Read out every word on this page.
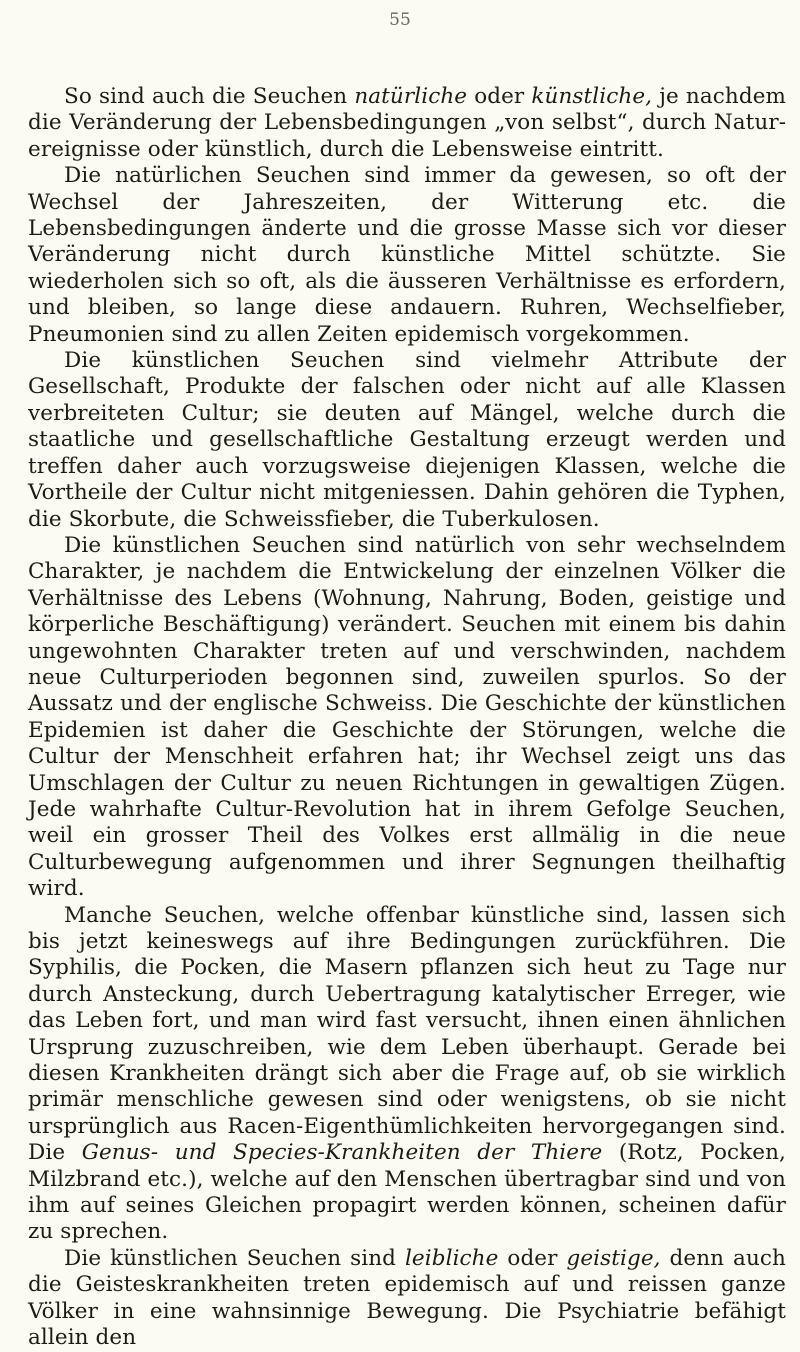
55

So sind auch die Seuchen natürliche oder künstliche, je nachdem die Veränderung der Lebensbedingungen „von selbst“, durch Naturereignisse oder künstlich, durch die Lebensweise eintritt.

Die natürlichen Seuchen sind immer da gewesen, so oft der Wechsel der Jahreszeiten, der Witterung etc. die Lebensbedingungen änderte und die grosse Masse sich vor dieser Veränderung nicht durch künstliche Mittel schützte. Sie wiederholen sich so oft, als die äusseren Verhältnisse es erfordern, und bleiben, so lange diese andauern. Ruhren, Wechselfieber, Pneumonien sind zu allen Zeiten epidemisch vorgekommen.

Die künstlichen Seuchen sind vielmehr Attribute der Gesellschaft, Produkte der falschen oder nicht auf alle Klassen verbreiteten Cultur; sie deuten auf Mängel, welche durch die staatliche und gesellschaftliche Gestaltung erzeugt werden und treffen daher auch vorzugsweise diejenigen Klassen, welche die Vortheile der Cultur nicht mitgeniessen. Dahin gehören die Typhen, die Skorbute, die Schweissfieber, die Tuberkulosen.

Die künstlichen Seuchen sind natürlich von sehr wechselndem Charakter, je nachdem die Entwickelung der einzelnen Völker die Verhältnisse des Lebens (Wohnung, Nahrung, Boden, geistige und körperliche Beschäftigung) verändert. Seuchen mit einem bis dahin ungewohnten Charakter treten auf und verschwinden, nachdem neue Culturperioden begonnen sind, zuweilen spurlos. So der Aussatz und der englische Schweiss. Die Geschichte der künstlichen Epidemien ist daher die Geschichte der Störungen, welche die Cultur der Menschheit erfahren hat; ihr Wechsel zeigt uns das Umschlagen der Cultur zu neuen Richtungen in gewaltigen Zügen. Jede wahrhafte Cultur-Revolution hat in ihrem Gefolge Seuchen, weil ein grosser Theil des Volkes erst allmälig in die neue Culturbewegung aufgenommen und ihrer Segnungen theilhaftig wird.

Manche Seuchen, welche offenbar künstliche sind, lassen sich bis jetzt keineswegs auf ihre Bedingungen zurückführen. Die Syphilis, die Pocken, die Masern pflanzen sich heut zu Tage nur durch Ansteckung, durch Uebertragung katalytischer Erreger, wie das Leben fort, und man wird fast versucht, ihnen einen ähnlichen Ursprung zuzuschreiben, wie dem Leben überhaupt. Gerade bei diesen Krankheiten drängt sich aber die Frage auf, ob sie wirklich primär menschliche gewesen sind oder wenigstens, ob sie nicht ursprünglich aus Racen-Eigenthümlichkeiten hervorgegangen sind. Die Genus- und Species-Krankheiten der Thiere (Rotz, Pocken, Milzbrand etc.), welche auf den Menschen übertragbar sind und von ihm auf seines Gleichen propagirt werden können, scheinen dafür zu sprechen.

Die künstlichen Seuchen sind leibliche oder geistige, denn auch die Geisteskrankheiten treten epidemisch auf und reissen ganze Völker in eine wahnsinnige Bewegung. Die Psychiatrie befähigt allein den
